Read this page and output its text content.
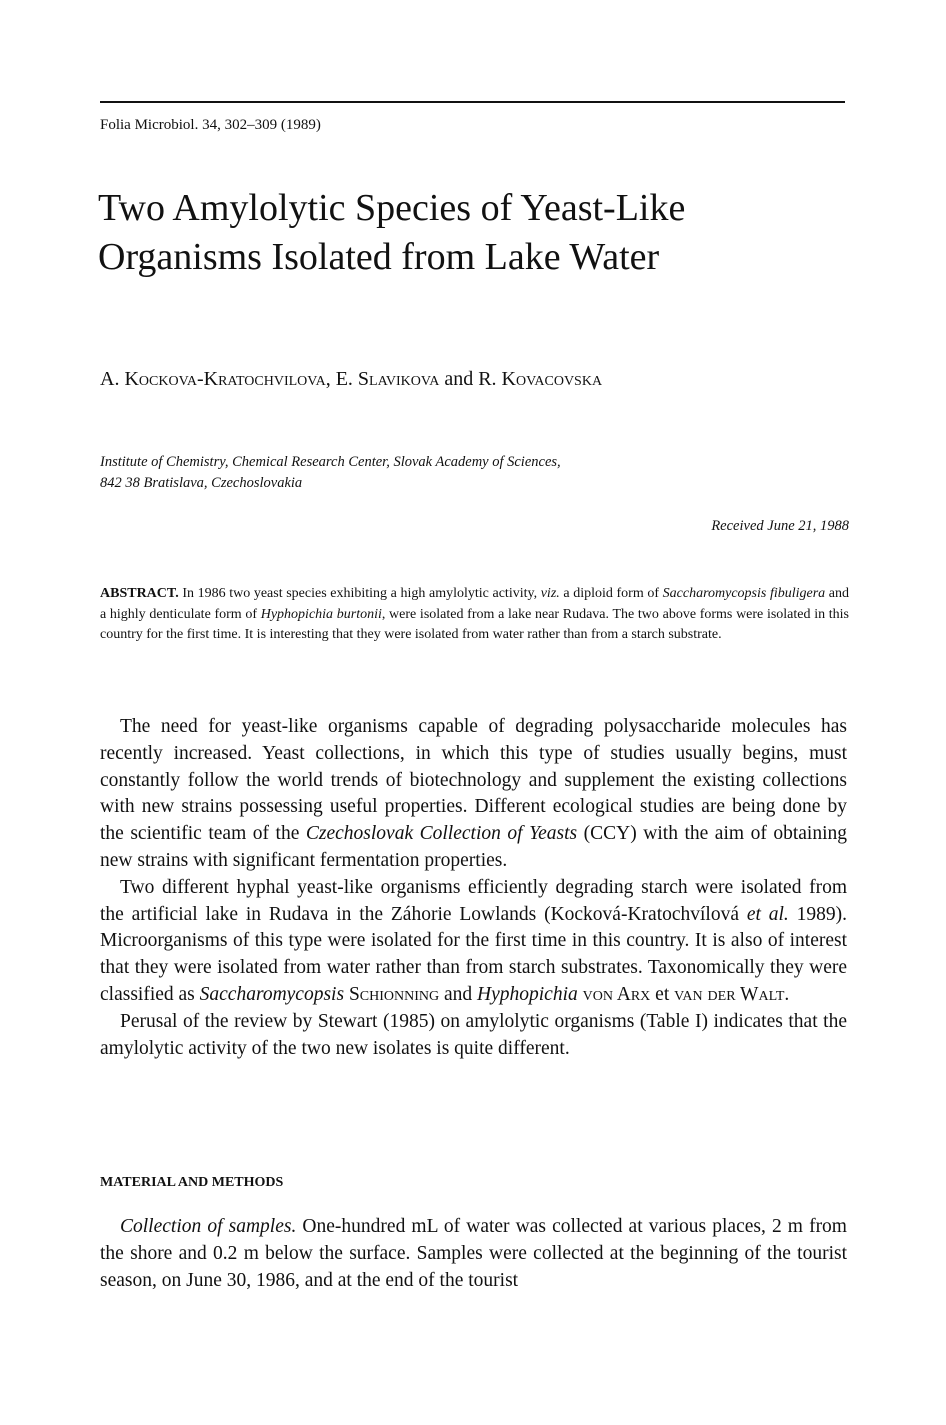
Folia Microbiol. 34, 302–309 (1989)
Two Amylolytic Species of Yeast-Like Organisms Isolated from Lake Water
A. Kockova-Kratochvilova, E. Slavikova and R. Kovacovska
Institute of Chemistry, Chemical Research Center, Slovak Academy of Sciences,
842 38 Bratislava, Czechoslovakia
Received June 21, 1988
ABSTRACT. In 1986 two yeast species exhibiting a high amylolytic activity, viz. a diploid form of Saccharomycopsis fibuligera and a highly denticulate form of Hyphopichia burtonii, were isolated from a lake near Rudava. The two above forms were isolated in this country for the first time. It is interesting that they were isolated from water rather than from a starch substrate.

The need for yeast-like organisms capable of degrading polysaccharide molecules has recently increased. Yeast collections, in which this type of studies usually begins, must constantly follow the world trends of biotechnology and supplement the existing collections with new strains possessing useful properties. Different ecological studies are being done by the scientific team of the Czechoslovak Collection of Yeasts (CCY) with the aim of obtaining new strains with significant fermentation properties.

Two different hyphal yeast-like organisms efficiently degrading starch were isolated from the artificial lake in Rudava in the Záhorie Lowlands (Kocková-Kratochvílová et al. 1989). Microorganisms of this type were isolated for the first time in this country. It is also of interest that they were isolated from water rather than from starch substrates. Taxonomically they were classified as Saccharomycopsis Schionning and Hyphopichia von Arx et van der Walt.

Perusal of the review by Stewart (1985) on amylolytic organisms (Table I) indicates that the amylolytic activity of the two new isolates is quite different.

MATERIAL AND METHODS

Collection of samples. One-hundred mL of water was collected at various places, 2 m from the shore and 0.2 m below the surface. Samples were collected at the beginning of the tourist season, on June 30, 1986, and at the end of the tourist
